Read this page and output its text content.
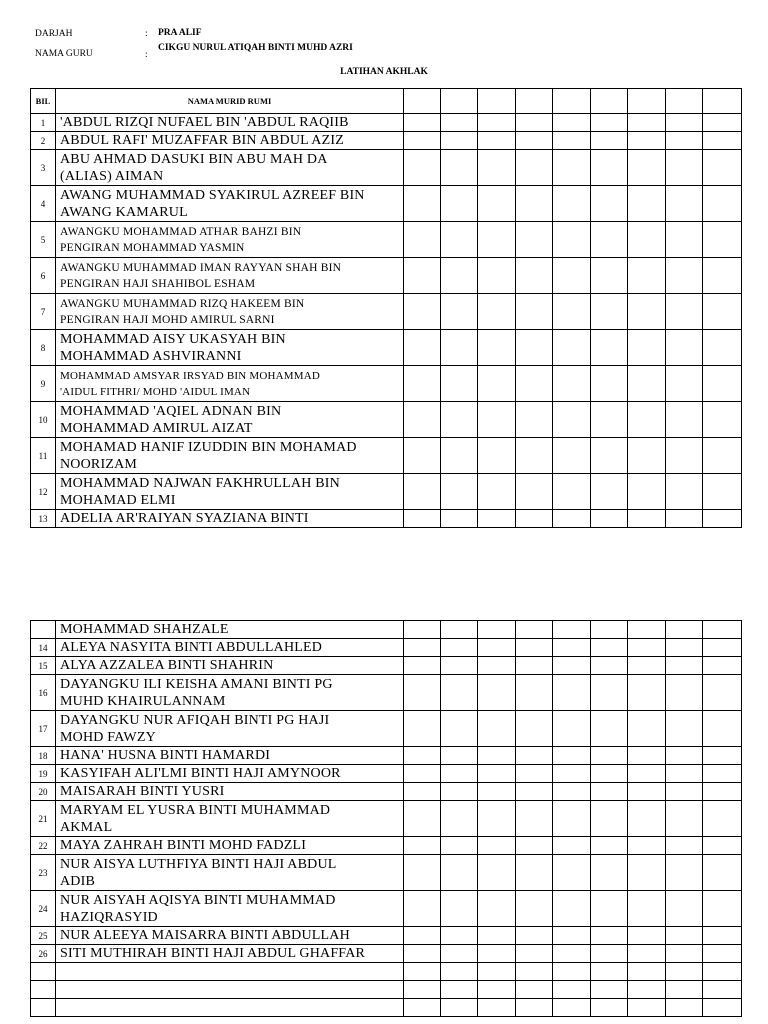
DARJAH	: PRA ALIF
NAMA GURU	:
CIKGU NURUL ATIQAH BINTI MUHD AZRI
LATIHAN AKHLAK
BIL	NAMA MURID RUMI									
1	'ABDUL RIZQI NUFAEL BIN 'ABDUL RAQIIB									

2	ABDUL RAFI' MUZAFFAR BIN ABDUL AZIZ									

3	ABU AHMAD DASUKI BIN ABU MAH DA
(ALIAS) AIMAN									

4	AWANG MUHAMMAD SYAKIRUL AZREEF BIN
AWANG KAMARUL									

5	AWANGKU MOHAMMAD ATHAR BAHZI BIN
PENGIRAN MOHAMMAD YASMIN									

6	AWANGKU MUHAMMAD IMAN RAYYAN SHAH BIN
PENGIRAN HAJI SHAHIBOL ESHAM									

7	AWANGKU MUHAMMAD RIZQ HAKEEM BIN
PENGIRAN HAJI MOHD AMIRUL SARNI									

8	MOHAMMAD AISY UKASYAH BIN
MOHAMMAD ASHVIRANNI									

9	MOHAMMAD AMSYAR IRSYAD BIN MOHAMMAD
'AIDUL FITHRI/ MOHD 'AIDUL IMAN									

10	MOHAMMAD 'AQIEL ADNAN BIN
MOHAMMAD AMIRUL AIZAT									

11	MOHAMAD HANIF IZUDDIN BIN MOHAMAD
NOORIZAM									

12	MOHAMMAD NAJWAN FAKHRULLAH BIN
MOHAMAD ELMI									

13	ADELIA AR'RAIYAN SYAZIANA BINTI									

	MOHAMMAD SHAHZALE									

14	ALEYA NASYITA BINTI ABDULLAHLED									

15	ALYA AZZALEA BINTI SHAHRIN									

16	DAYANGKU ILI KEISHA AMANI BINTI PG
MUHD KHAIRULANNAM									

17	DAYANGKU NUR AFIQAH BINTI PG HAJI
MOHD FAWZY									

18	HANA' HUSNA BINTI HAMARDI									

19	KASYIFAH ALI'LMI BINTI HAJI AMYNOOR									

20	MAISARAH BINTI YUSRI									

21	MARYAM EL YUSRA BINTI MUHAMMAD
AKMAL									

22	MAYA ZAHRAH BINTI MOHD FADZLI									

23	NUR AISYA LUTHFIYA BINTI HAJI ABDUL
ADIB									

24	NUR AISYAH AQISYA BINTI MUHAMMAD
HAZIQRASYID									

25	NUR ALEEYA MAISARRA BINTI ABDULLAH									

26	SITI MUTHIRAH BINTI HAJI ABDUL GHAFFAR									
